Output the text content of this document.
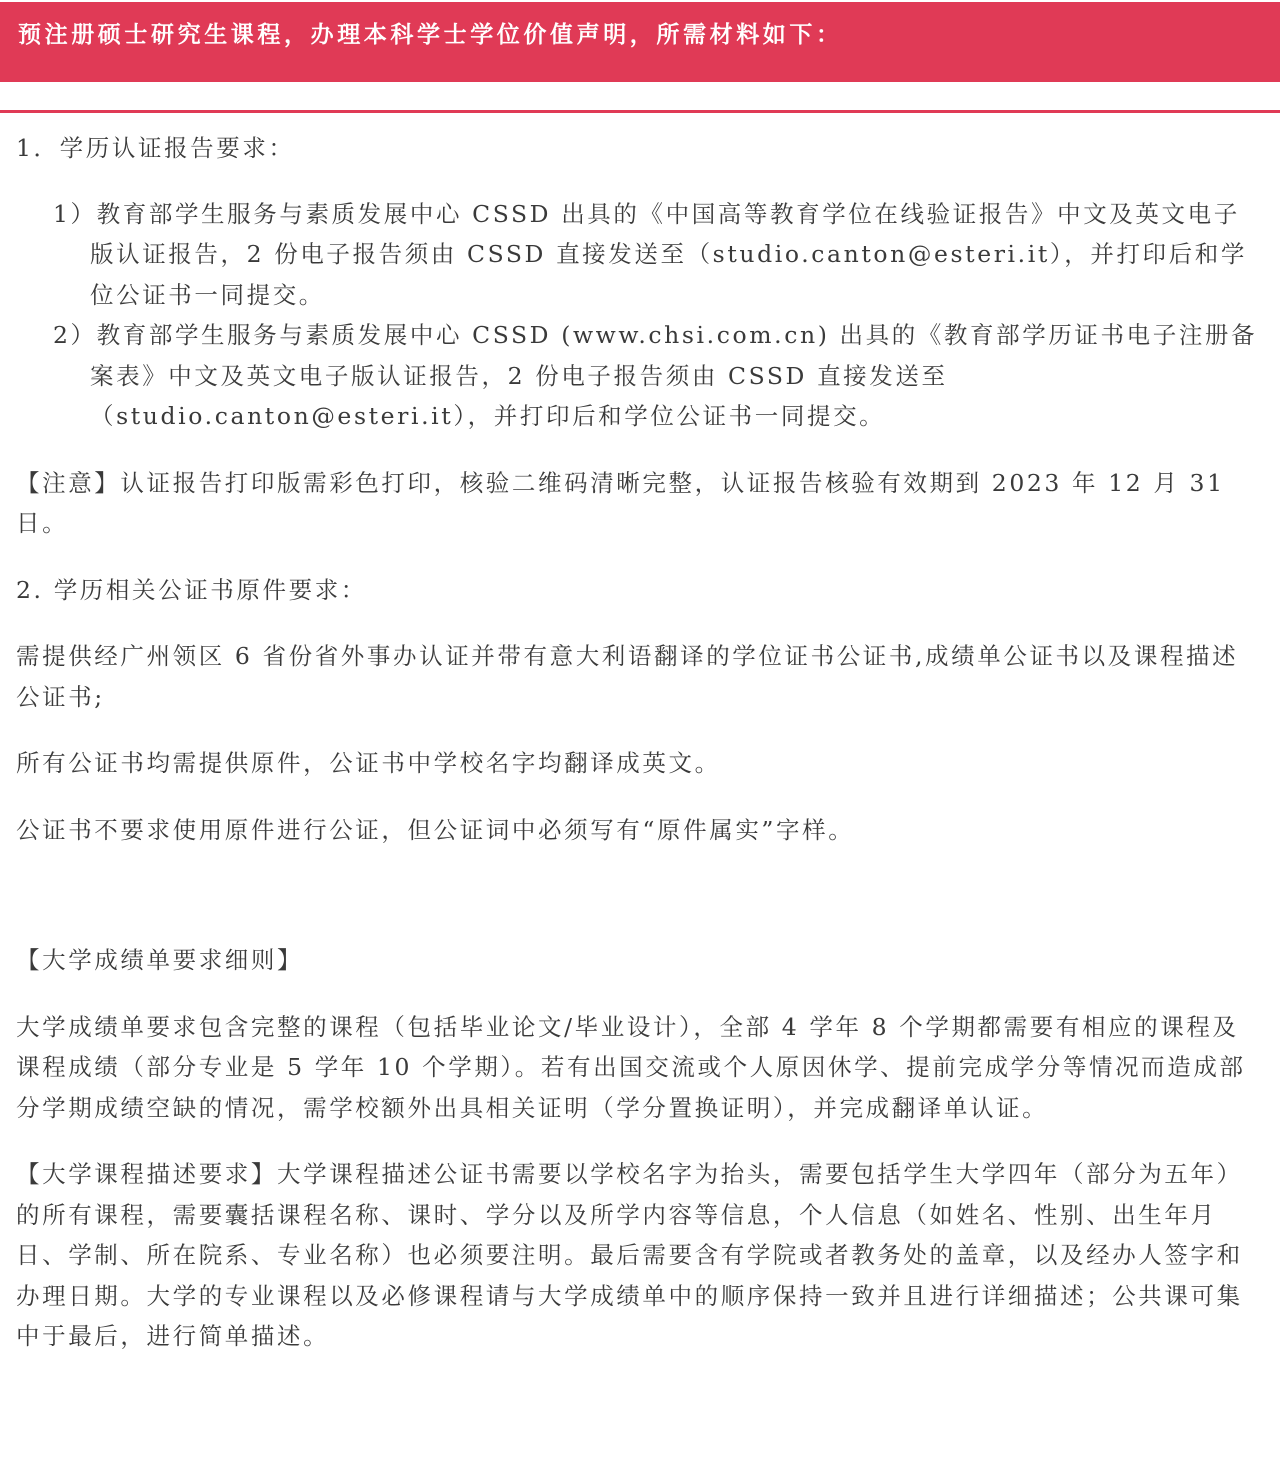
预注册硕士研究生课程，办理本科学士学位价值声明，所需材料如下：

1．学历认证报告要求：

1）教育部学生服务与素质发展中心 CSSD 出具的《中国高等教育学位在线验证报告》中文及英文电子版认证报告，2 份电子报告须由 CSSD 直接发送至（studio.canton@esteri.it），并打印后和学位公证书一同提交。

2）教育部学生服务与素质发展中心 CSSD (www.chsi.com.cn) 出具的《教育部学历证书电子注册备案表》中文及英文电子版认证报告，2 份电子报告须由 CSSD 直接发送至（studio.canton@esteri.it），并打印后和学位公证书一同提交。

【注意】认证报告打印版需彩色打印，核验二维码清晰完整，认证报告核验有效期到 2023 年 12 月 31 日。

2. 学历相关公证书原件要求：

需提供经广州领区 6 省份省外事办认证并带有意大利语翻译的学位证书公证书,成绩单公证书以及课程描述公证书;

所有公证书均需提供原件，公证书中学校名字均翻译成英文。

公证书不要求使用原件进行公证，但公证词中必须写有“原件属实”字样。

【大学成绩单要求细则】

大学成绩单要求包含完整的课程（包括毕业论文/毕业设计），全部 4 学年 8 个学期都需要有相应的课程及课程成绩（部分专业是 5 学年 10 个学期）。若有出国交流或个人原因休学、提前完成学分等情况而造成部分学期成绩空缺的情况，需学校额外出具相关证明（学分置换证明），并完成翻译单认证。

【大学课程描述要求】大学课程描述公证书需要以学校名字为抬头，需要包括学生大学四年（部分为五年）的所有课程，需要囊括课程名称、课时、学分以及所学内容等信息，个人信息（如姓名、性别、出生年月日、学制、所在院系、专业名称）也必须要注明。最后需要含有学院或者教务处的盖章，以及经办人签字和办理日期。大学的专业课程以及必修课程请与大学成绩单中的顺序保持一致并且进行详细描述；公共课可集中于最后，进行简单描述。
